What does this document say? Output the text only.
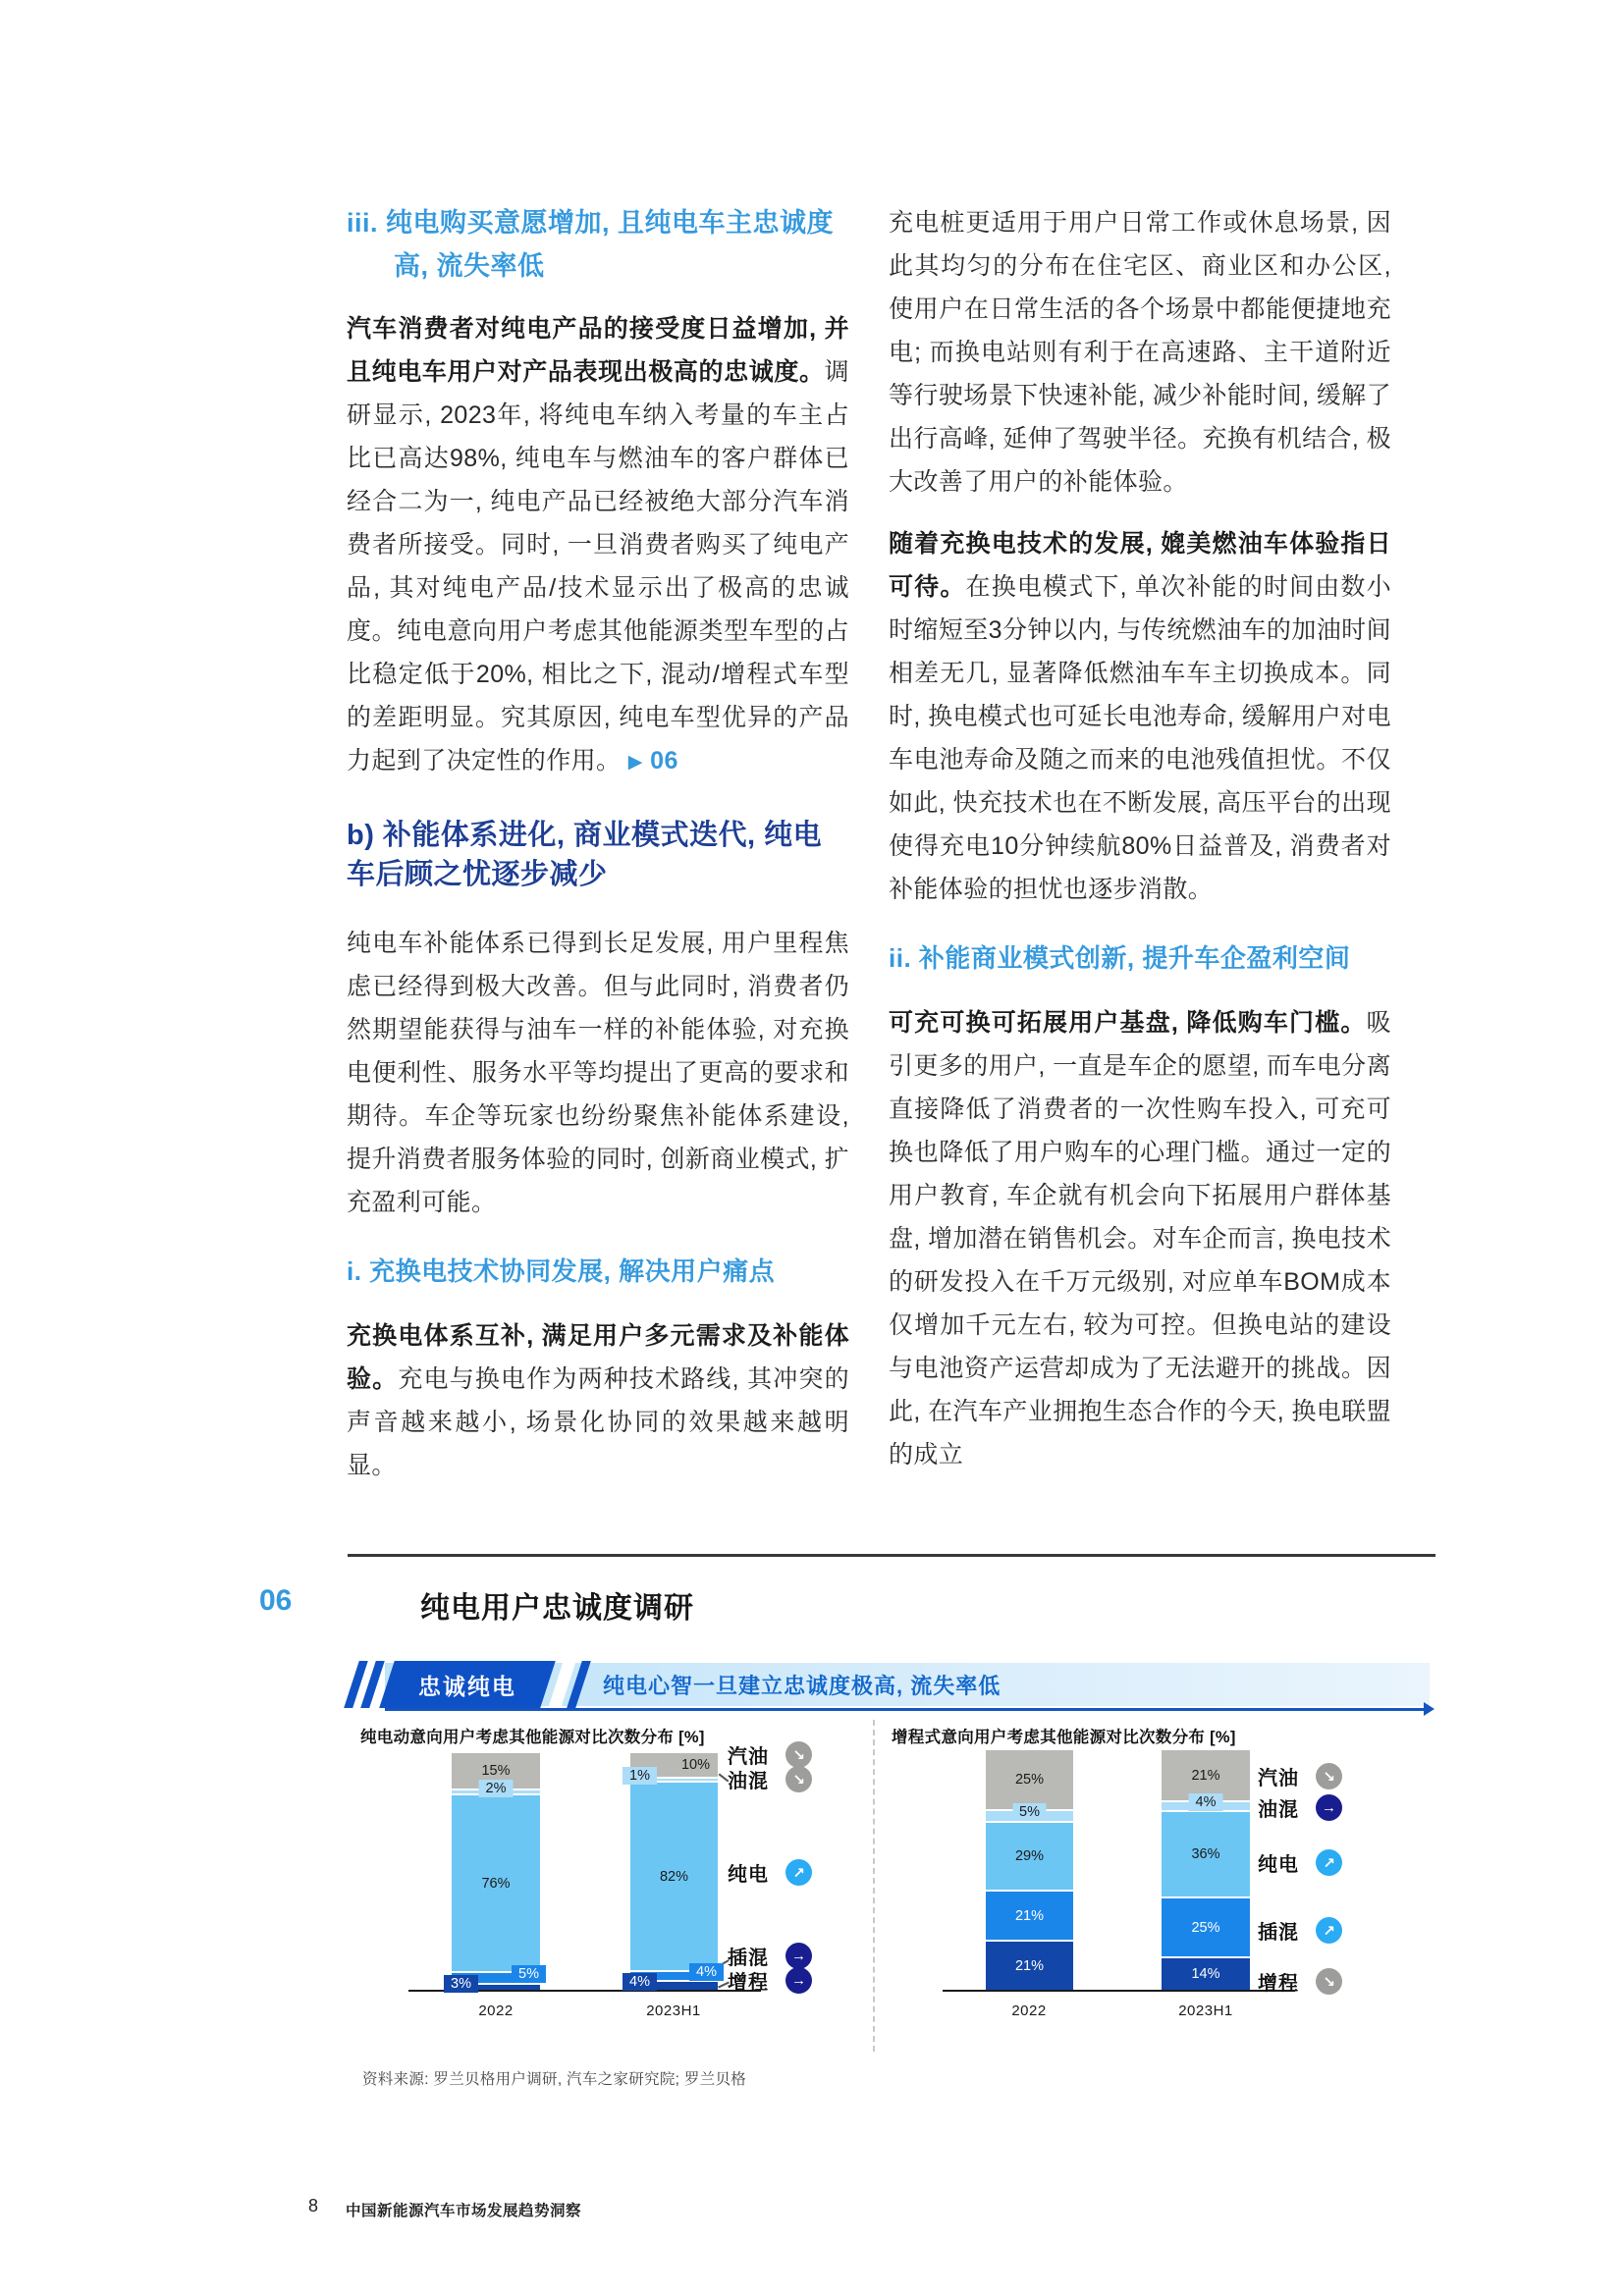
iii. 纯电购买意愿增加, 且纯电车主忠诚度高, 流失率低

汽车消费者对纯电产品的接受度日益增加, 并且纯电车用户对产品表现出极高的忠诚度。调研显示, 2023年, 将纯电车纳入考量的车主占比已高达98%, 纯电车与燃油车的客户群体已经合二为一, 纯电产品已经被绝大部分汽车消费者所接受。同时, 一旦消费者购买了纯电产品, 其对纯电产品/技术显示出了极高的忠诚度。纯电意向用户考虑其他能源类型车型的占比稳定低于20%, 相比之下, 混动/增程式车型的差距明显。究其原因, 纯电车型优异的产品力起到了决定性的作用。 ▶ 06

b) 补能体系进化, 商业模式迭代, 纯电车后顾之忧逐步减少

纯电车补能体系已得到长足发展, 用户里程焦虑已经得到极大改善。但与此同时, 消费者仍然期望能获得与油车一样的补能体验, 对充换电便利性、服务水平等均提出了更高的要求和期待。车企等玩家也纷纷聚焦补能体系建设, 提升消费者服务体验的同时, 创新商业模式, 扩充盈利可能。

i. 充换电技术协同发展, 解决用户痛点

充换电体系互补, 满足用户多元需求及补能体验。充电与换电作为两种技术路线, 其冲突的声音越来越小, 场景化协同的效果越来越明显。

充电桩更适用于用户日常工作或休息场景, 因此其均匀的分布在住宅区、商业区和办公区, 使用户在日常生活的各个场景中都能便捷地充电; 而换电站则有利于在高速路、主干道附近等行驶场景下快速补能, 减少补能时间, 缓解了出行高峰, 延伸了驾驶半径。充换有机结合, 极大改善了用户的补能体验。

随着充换电技术的发展, 媲美燃油车体验指日可待。在换电模式下, 单次补能的时间由数小时缩短至3分钟以内, 与传统燃油车的加油时间相差无几, 显著降低燃油车车主切换成本。同时, 换电模式也可延长电池寿命, 缓解用户对电车电池寿命及随之而来的电池残值担忧。不仅如此, 快充技术也在不断发展, 高压平台的出现使得充电10分钟续航80%日益普及, 消费者对补能体验的担忧也逐步消散。

ii. 补能商业模式创新, 提升车企盈利空间

可充可换可拓展用户基盘, 降低购车门槛。吸引更多的用户, 一直是车企的愿望, 而车电分离直接降低了消费者的一次性购车投入, 可充可换也降低了用户购车的心理门槛。通过一定的用户教育, 车企就有机会向下拓展用户群体基盘, 增加潜在销售机会。对车企而言, 换电技术的研发投入在千万元级别, 对应单车BOM成本仅增加千元左右, 较为可控。但换电站的建设与电池资产运营却成为了无法避开的挑战。因此, 在汽车产业拥抱生态合作的今天, 换电联盟的成立

06	纯电用户忠诚度调研
忠诚纯电	纯电心智一旦建立忠诚度极高, 流失率低
纯电动意向用户考虑其他能源对比次数分布 [%]	增程式意向用户考虑其他能源对比次数分布 [%]
15%
2%
76%
5%
3%
10%
1%
82%
4%
4%
25%
5%
29%
21%
21%
21%
4%
36%
25%
14%
2022	2023H1	2022	2023H1
资料来源: 罗兰贝格用户调研, 汽车之家研究院; 罗兰贝格
8 中国新能源汽车市场发展趋势洞察
汽油	↘
油混	↘
纯电	↗
插混	→
增程	→
汽油	↘
油混	→
纯电	↗
插混	↗
增程	↘
